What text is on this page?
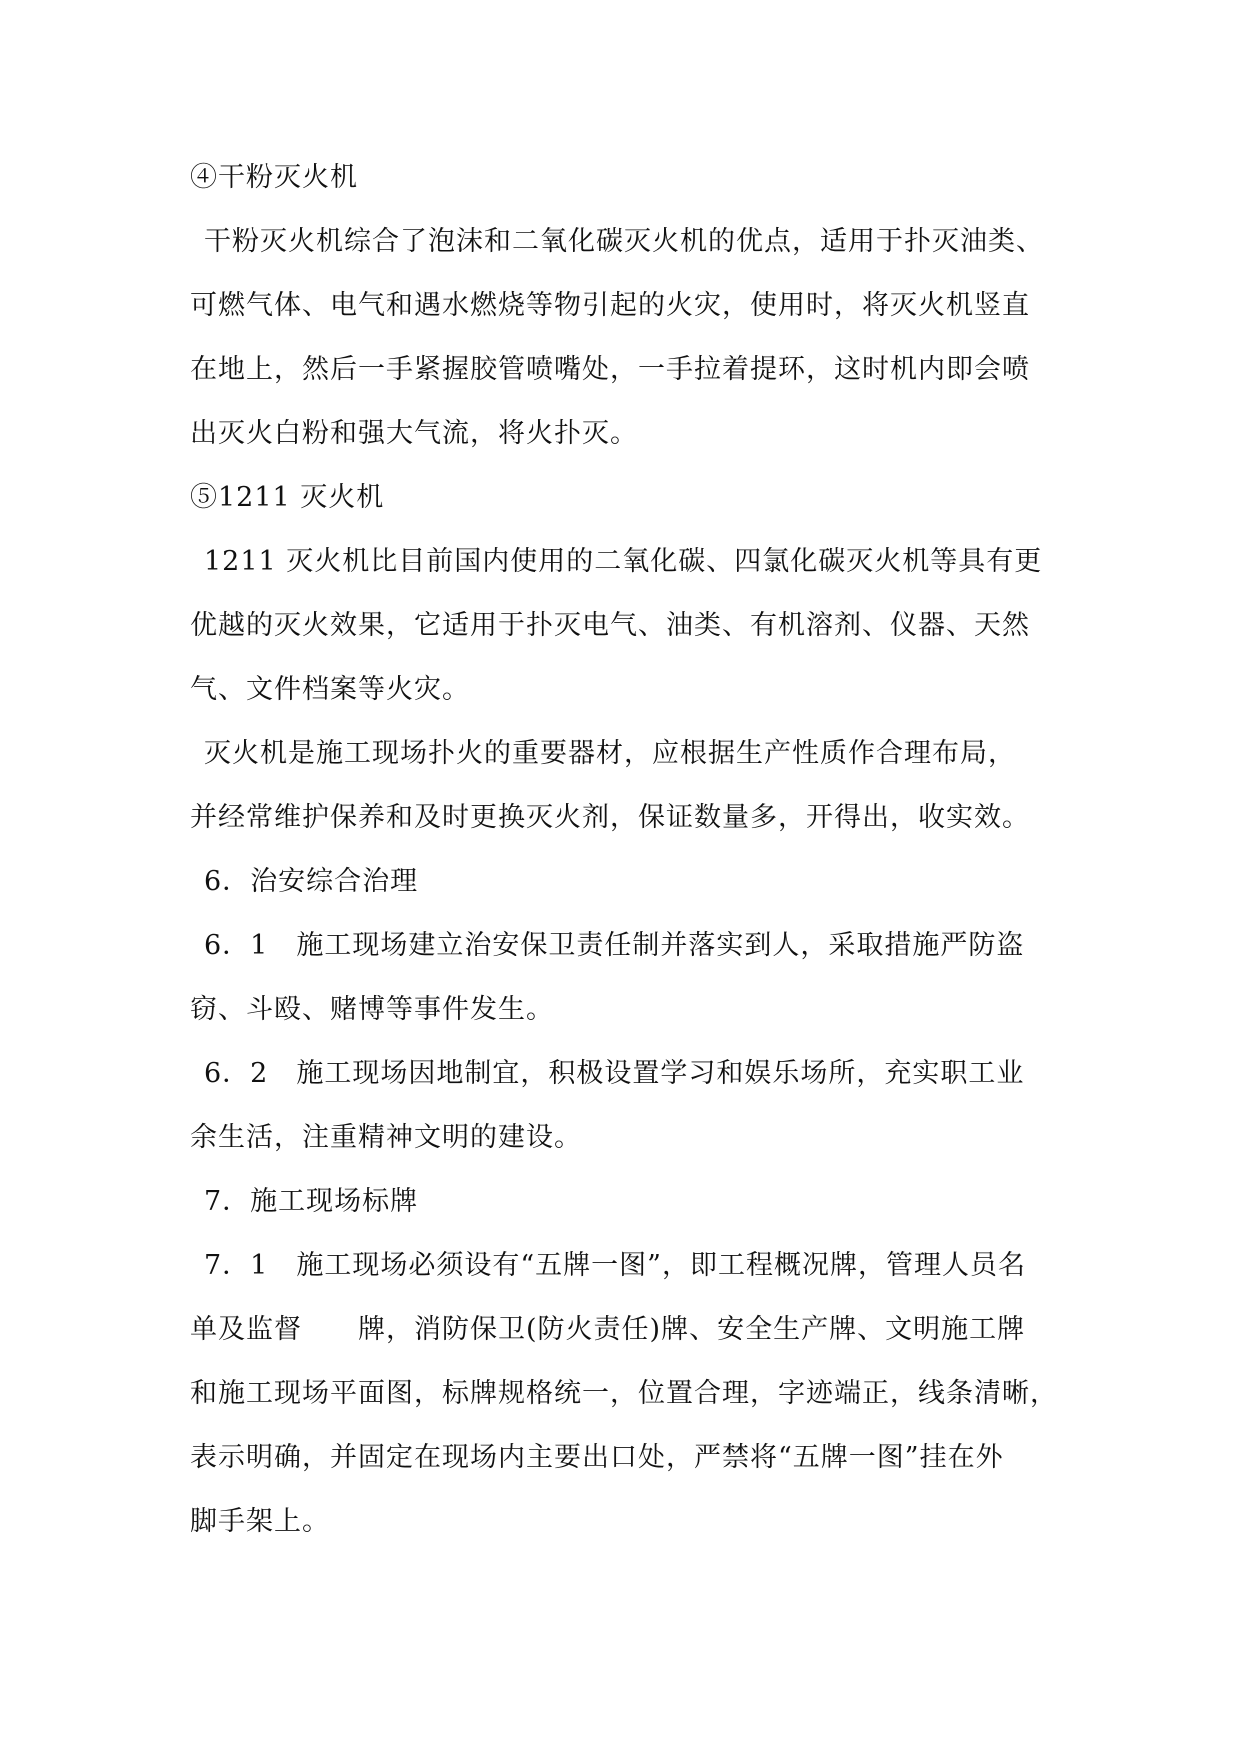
④干粉灭火机
干粉灭火机综合了泡沫和二氧化碳灭火机的优点，适用于扑灭油类、
可燃气体、电气和遇水燃烧等物引起的火灾，使用时，将灭火机竖直
在地上，然后一手紧握胶管喷嘴处，一手拉着提环，这时机内即会喷
出灭火白粉和强大气流，将火扑灭。
⑤1211 灭火机
1211 灭火机比目前国内使用的二氧化碳、四氯化碳灭火机等具有更
优越的灭火效果，它适用于扑灭电气、油类、有机溶剂、仪器、天然
气、文件档案等火灾。
灭火机是施工现场扑火的重要器材，应根据生产性质作合理布局，
并经常维护保养和及时更换灭火剂，保证数量多，开得出，收实效。
6．治安综合治理
6．1　施工现场建立治安保卫责任制并落实到人，采取措施严防盗
窃、斗殴、赌博等事件发生。
6．2　施工现场因地制宜，积极设置学习和娱乐场所，充实职工业
余生活，注重精神文明的建设。
7．施工现场标牌
7．1　施工现场必须设有“五牌一图”，即工程概况牌，管理人员名
单及监督　　牌，消防保卫(防火责任)牌、安全生产牌、文明施工牌
和施工现场平面图，标牌规格统一，位置合理，字迹端正，线条清晰，
表示明确，并固定在现场内主要出口处，严禁将“五牌一图”挂在外
脚手架上。
